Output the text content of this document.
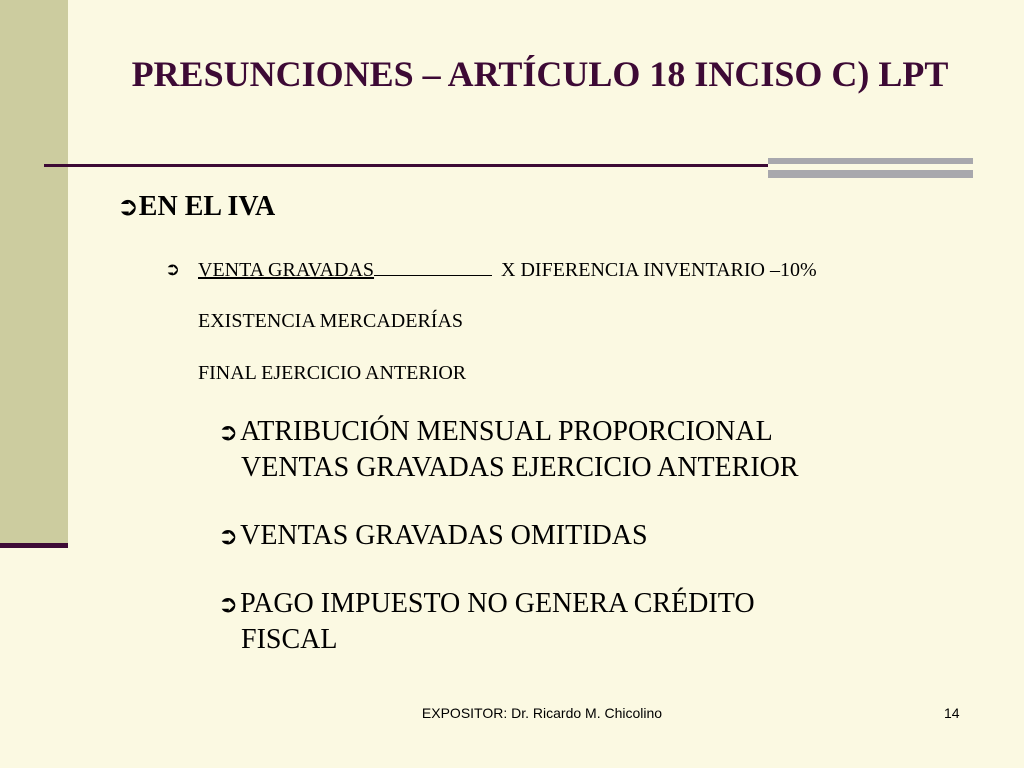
PRESUNCIONES – ARTÍCULO 18 INCISO C) LPT
➲EN EL IVA
➲ VENTA GRAVADAS	X DIFERENCIA INVENTARIO –10%
EXISTENCIA MERCADERÍAS
FINAL EJERCICIO ANTERIOR
➲ATRIBUCIÓN MENSUAL PROPORCIONAL
VENTAS GRAVADAS EJERCICIO ANTERIOR
➲VENTAS GRAVADAS OMITIDAS
➲PAGO IMPUESTO NO GENERA CRÉDITO
FISCAL
EXPOSITOR: Dr. Ricardo M. Chicolino	14
